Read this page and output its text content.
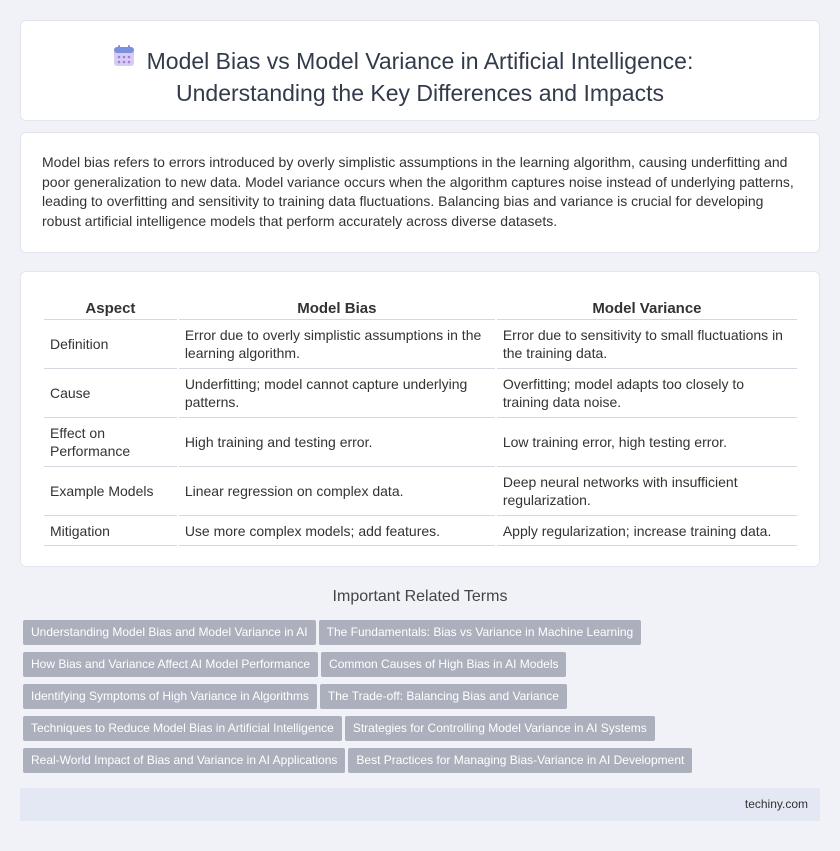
Model Bias vs Model Variance in Artificial Intelligence:
Understanding the Key Differences and Impacts

Model bias refers to errors introduced by overly simplistic assumptions in the learning algorithm, causing underfitting and poor generalization to new data. Model variance occurs when the algorithm captures noise instead of underlying patterns, leading to overfitting and sensitivity to training data fluctuations. Balancing bias and variance is crucial for developing robust artificial intelligence models that perform accurately across diverse datasets.

Aspect	Model Bias	Model Variance
Definition	Error due to overly simplistic assumptions in the learning algorithm.	Error due to sensitivity to small fluctuations in the training data.
Cause	Underfitting; model cannot capture underlying patterns.	Overfitting; model adapts too closely to training data noise.
Effect on Performance	High training and testing error.	Low training error, high testing error.
Example Models	Linear regression on complex data.	Deep neural networks with insufficient regularization.
Mitigation	Use more complex models; add features.	Apply regularization; increase training data.
Important Related Terms
Understanding Model Bias and Model Variance in AI The Fundamentals: Bias vs Variance in Machine Learning
How Bias and Variance Affect AI Model Performance Common Causes of High Bias in AI Models
Identifying Symptoms of High Variance in Algorithms The Trade-off: Balancing Bias and Variance
Techniques to Reduce Model Bias in Artificial Intelligence Strategies for Controlling Model Variance in AI Systems
Real-World Impact of Bias and Variance in AI Applications Best Practices for Managing Bias-Variance in AI Development
techiny.com
